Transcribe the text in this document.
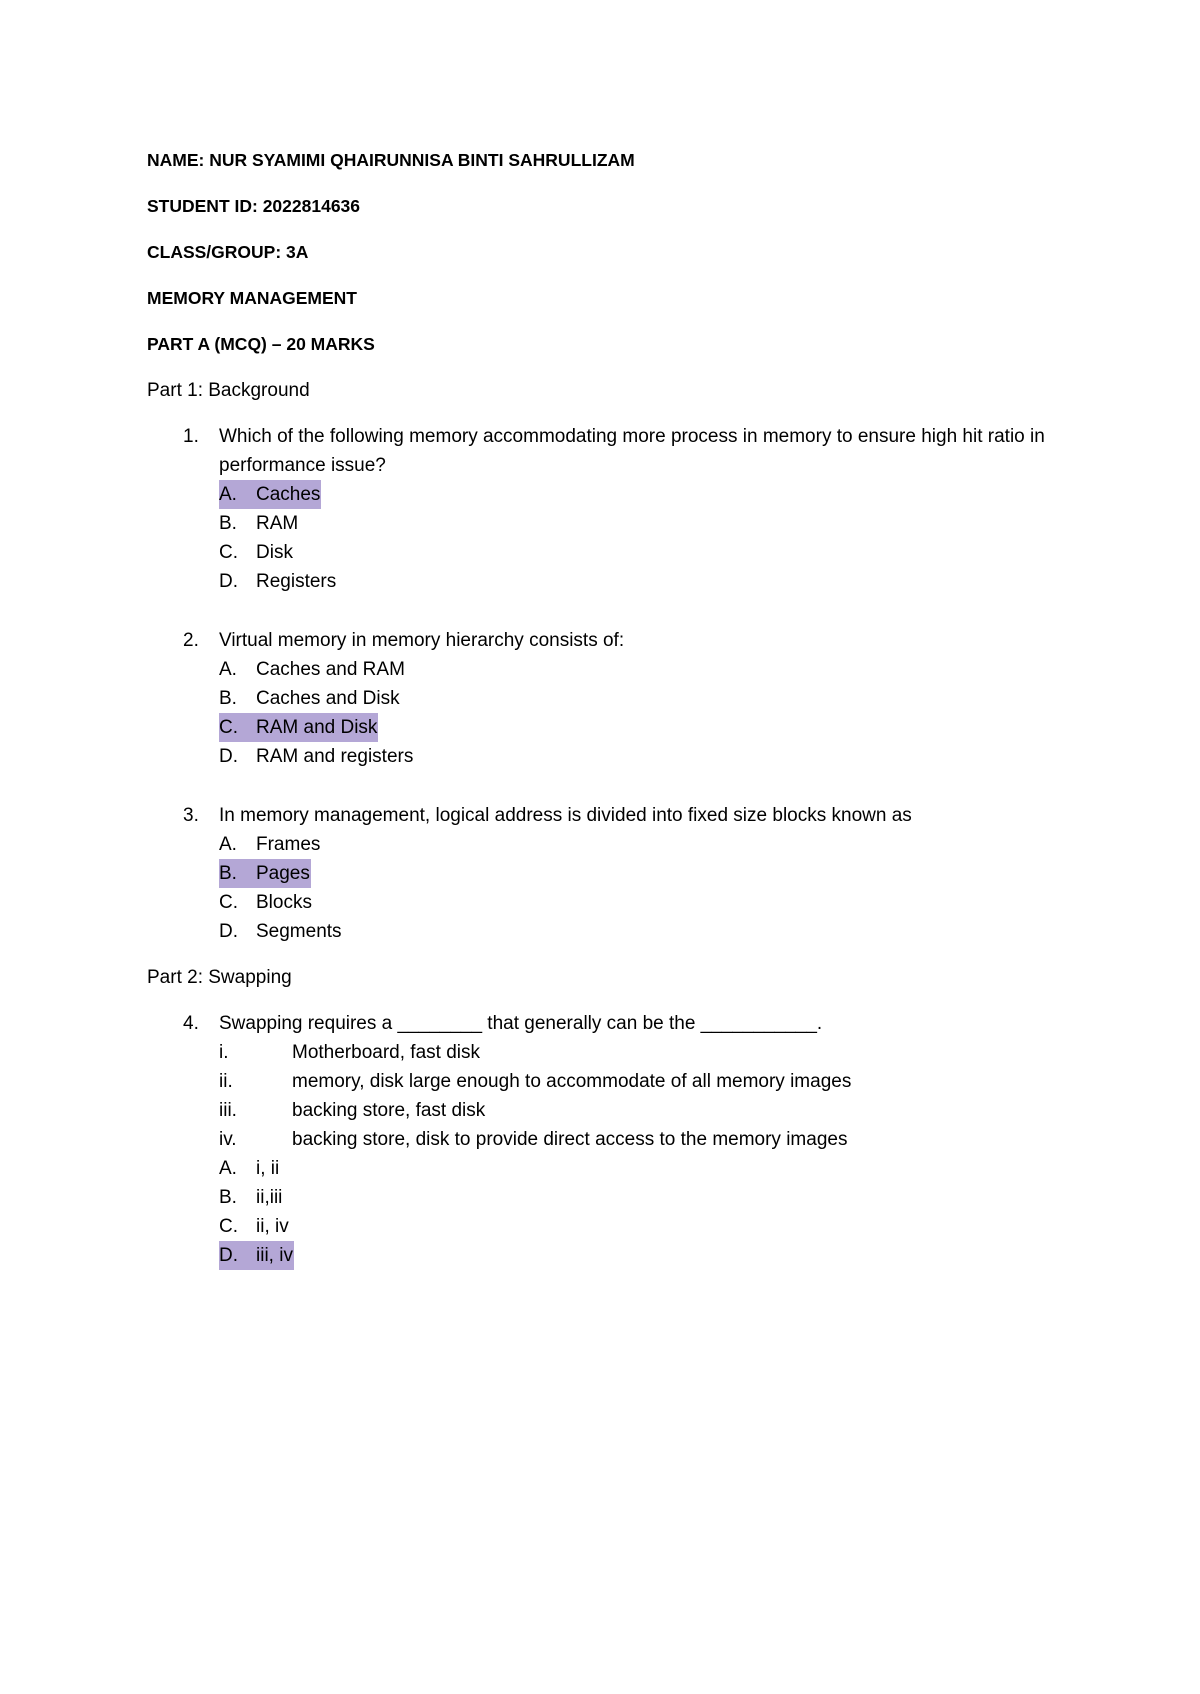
NAME: NUR SYAMIMI QHAIRUNNISA BINTI SAHRULLIZAM
STUDENT ID: 2022814636
CLASS/GROUP: 3A
MEMORY MANAGEMENT
PART A (MCQ) – 20 MARKS
Part 1: Background
1. Which of the following memory accommodating more process in memory to ensure high hit ratio in performance issue?
A. Caches
B. RAM
C. Disk
D. Registers
2. Virtual memory in memory hierarchy consists of:
A. Caches and RAM
B. Caches and Disk
C. RAM and Disk
D. RAM and registers
3. In memory management, logical address is divided into fixed size blocks known as
A. Frames
B. Pages
C. Blocks
D. Segments
Part 2: Swapping
4. Swapping requires a ________ that generally can be the ___________.
i.	Motherboard, fast disk
ii.	memory, disk large enough to accommodate of all memory images
iii.	backing store, fast disk
iv.	backing store, disk to provide direct access to the memory images
A. i, ii
B. ii,iii
C. ii, iv
D. iii, iv
